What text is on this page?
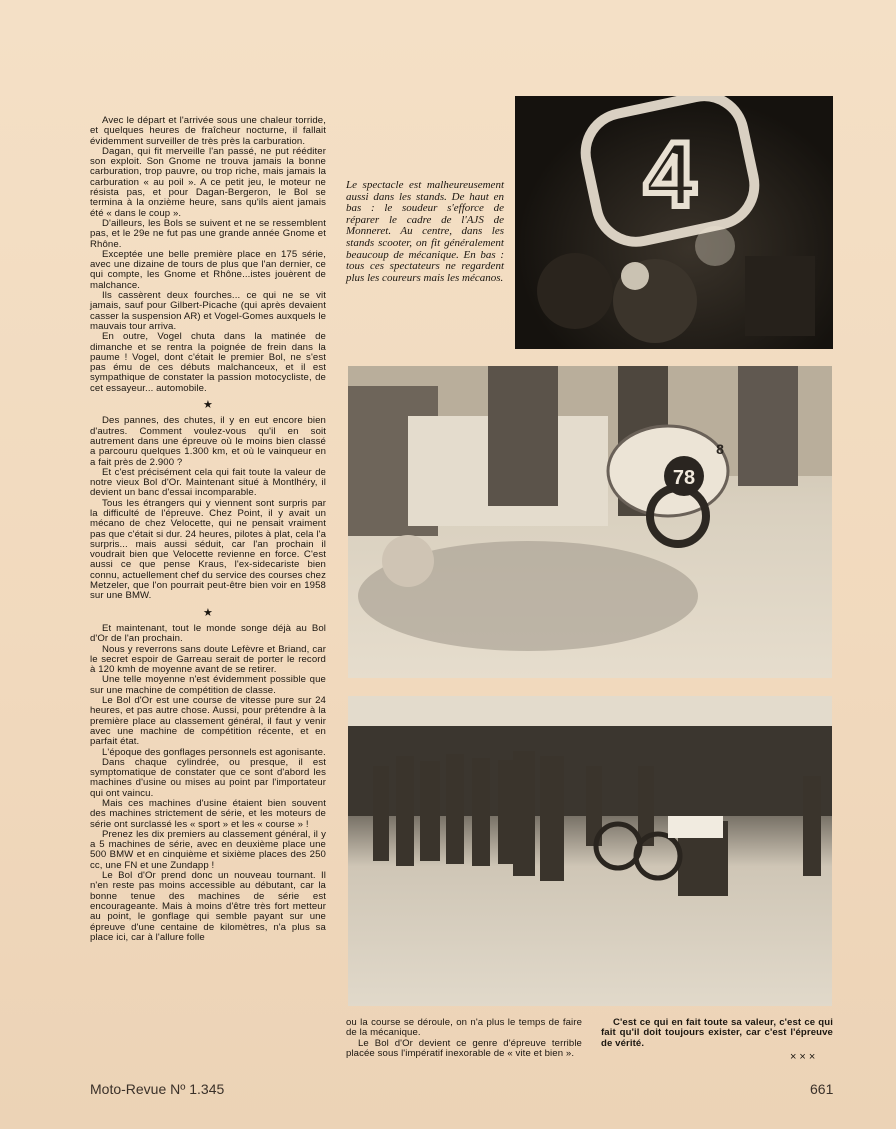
Avec le départ et l'arrivée sous une chaleur torride, et quelques heures de fraîcheur nocturne, il fallait évidemment surveiller de très près la carburation.

Dagan, qui fit merveille l'an passé, ne put rééditer son exploit. Son Gnome ne trouva jamais la bonne carburation, trop pauvre, ou trop riche, mais jamais la carburation « au poil ». A ce petit jeu, le moteur ne résista pas, et pour Dagan-Bergeron, le Bol se termina à la onzième heure, sans qu'ils aient jamais été « dans le coup ».

D'ailleurs, les Bols se suivent et ne se ressemblent pas, et le 29e ne fut pas une grande année Gnome et Rhône.

Exceptée une belle première place en 175 série, avec une dizaine de tours de plus que l'an dernier, ce qui compte, les Gnome et Rhône...istes jouèrent de malchance.

Ils cassèrent deux fourches... ce qui ne se vit jamais, sauf pour Gilbert-Picache (qui après devaient casser la suspension AR) et Vogel-Gomes auxquels le mauvais tour arriva.

En outre, Vogel chuta dans la matinée de dimanche et se rentra la poignée de frein dans la paume ! Vogel, dont c'était le premier Bol, ne s'est pas ému de ces débuts malchanceux, et il est sympathique de constater la passion motocycliste, de cet essayeur... automobile.

★

Des pannes, des chutes, il y en eut encore bien d'autres. Comment voulez-vous qu'il en soit autrement dans une épreuve où le moins bien classé a parcouru quelques 1.300 km, et où le vainqueur en a fait près de 2.900 ?

Et c'est précisément cela qui fait toute la valeur de notre vieux Bol d'Or. Maintenant situé à Montlhéry, il devient un banc d'essai incomparable.

Tous les étrangers qui y viennent sont surpris par la difficulté de l'épreuve. Chez Point, il y avait un mécano de chez Velocette, qui ne pensait vraiment pas que c'était si dur. 24 heures, pilotes à plat, cela l'a surpris... mais aussi séduit, car l'an prochain il voudrait bien que Velocette revienne en force. C'est aussi ce que pense Kraus, l'ex-sidecariste bien connu, actuellement chef du service des courses chez Metzeler, que l'on pourrait peut-être bien voir en 1958 sur une BMW.

★

Et maintenant, tout le monde songe déjà au Bol d'Or de l'an prochain.

Nous y reverrons sans doute Lefèvre et Briand, car le secret espoir de Garreau serait de porter le record à 120 kmh de moyenne avant de se retirer.

Une telle moyenne n'est évidemment possible que sur une machine de compétition de classe.

Le Bol d'Or est une course de vitesse pure sur 24 heures, et pas autre chose. Aussi, pour prétendre à la première place au classement général, il faut y venir avec une machine de compétition récente, et en parfait état.

L'époque des gonflages personnels est agonisante.

Dans chaque cylindrée, ou presque, il est symptomatique de constater que ce sont d'abord les machines d'usine ou mises au point par l'importateur qui ont vaincu.

Mais ces machines d'usine étaient bien souvent des machines strictement de série, et les moteurs de série ont surclassé les « sport » et les « course » !

Prenez les dix premiers au classement général, il y a 5 machines de série, avec en deuxième place une 500 BMW et en cinquième et sixième places des 250 cc, une FN et une Zundapp !

Le Bol d'Or prend donc un nouveau tournant. Il n'en reste pas moins accessible au débutant, car la bonne tenue des machines de série est encourageante. Mais à moins d'être très fort metteur au point, le gonflage qui semble payant sur une épreuve d'une centaine de kilomètres, n'a plus sa place ici, car à l'allure folle

Le spectacle est malheureusement aussi dans les stands. De haut en bas : le soudeur s'efforce de réparer le cadre de l'AJS de Monneret. Au centre, dans les stands scooter, on fit généralement beaucoup de mécanique. En bas : tous ces spectateurs ne regardent plus les coureurs mais les mécanos.
4
78
8

ou la course se déroule, on n'a plus le temps de faire de la mécanique.

Le Bol d'Or devient ce genre d'épreuve terrible placée sous l'impératif inexorable de « vite et bien ».

C'est ce qui en fait toute sa valeur, c'est ce qui fait qu'il doit toujours exister, car c'est l'épreuve de vérité.

×××
Moto-Revue Nº 1.345	661
